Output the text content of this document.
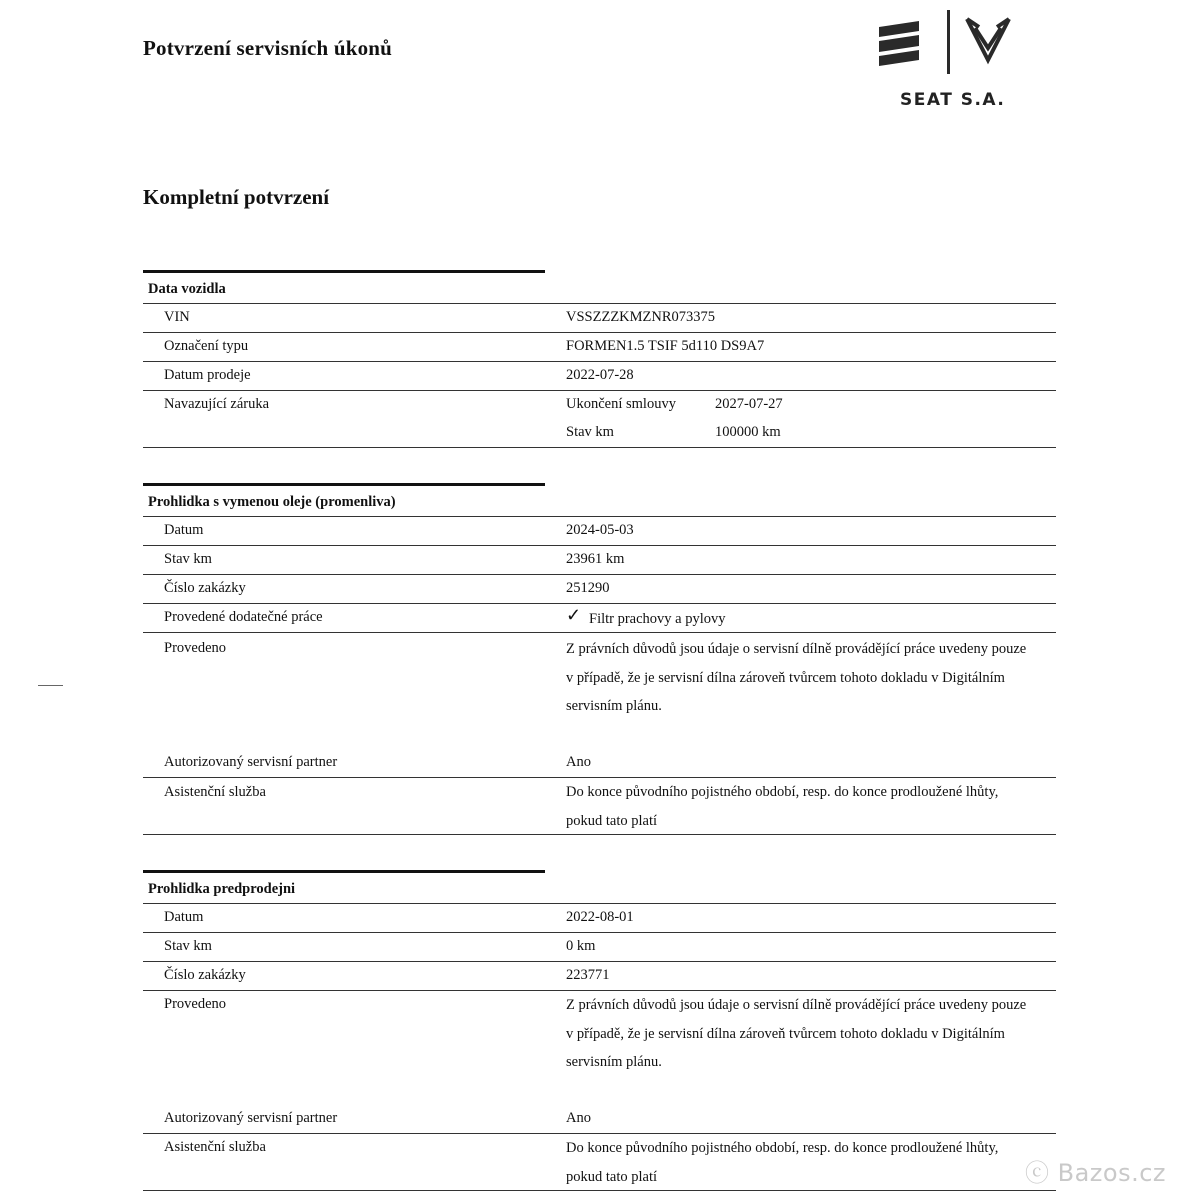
Potvrzení servisních úkonů
SEAT S.A.
Kompletní potvrzení
Data vozidla
VIN	VSSZZZKMZNR073375
Označení typu	FORMEN1.5 TSIF 5d110 DS9A7
Datum prodeje	2022-07-28
Navazující záruka	Ukončení smlouvy	2027-07-27
Stav km	100000 km
Prohlidka s vymenou oleje (promenliva)
Datum	2024-05-03
Stav km	23961 km
Číslo zakázky	251290
Provedené dodatečné práce	✓ Filtr prachovy a pylovy
Provedeno	Z právních důvodů jsou údaje o servisní dílně provádějící práce uvedeny pouze
v případě, že je servisní dílna zároveň tvůrcem tohoto dokladu v Digitálním
servisním plánu.
Autorizovaný servisní partner	Ano
Asistenční služba	Do konce původního pojistného období, resp. do konce prodloužené lhůty,
pokud tato platí
Prohlidka predprodejni
Datum	2022-08-01
Stav km	0 km
Číslo zakázky	223771
Provedeno	Z právních důvodů jsou údaje o servisní dílně provádějící práce uvedeny pouze
v případě, že je servisní dílna zároveň tvůrcem tohoto dokladu v Digitálním
servisním plánu.
Autorizovaný servisní partner	Ano
Asistenční služba	Do konce původního pojistného období, resp. do konce prodloužené lhůty,
pokud tato platí	ⓒ Bazos.cz
